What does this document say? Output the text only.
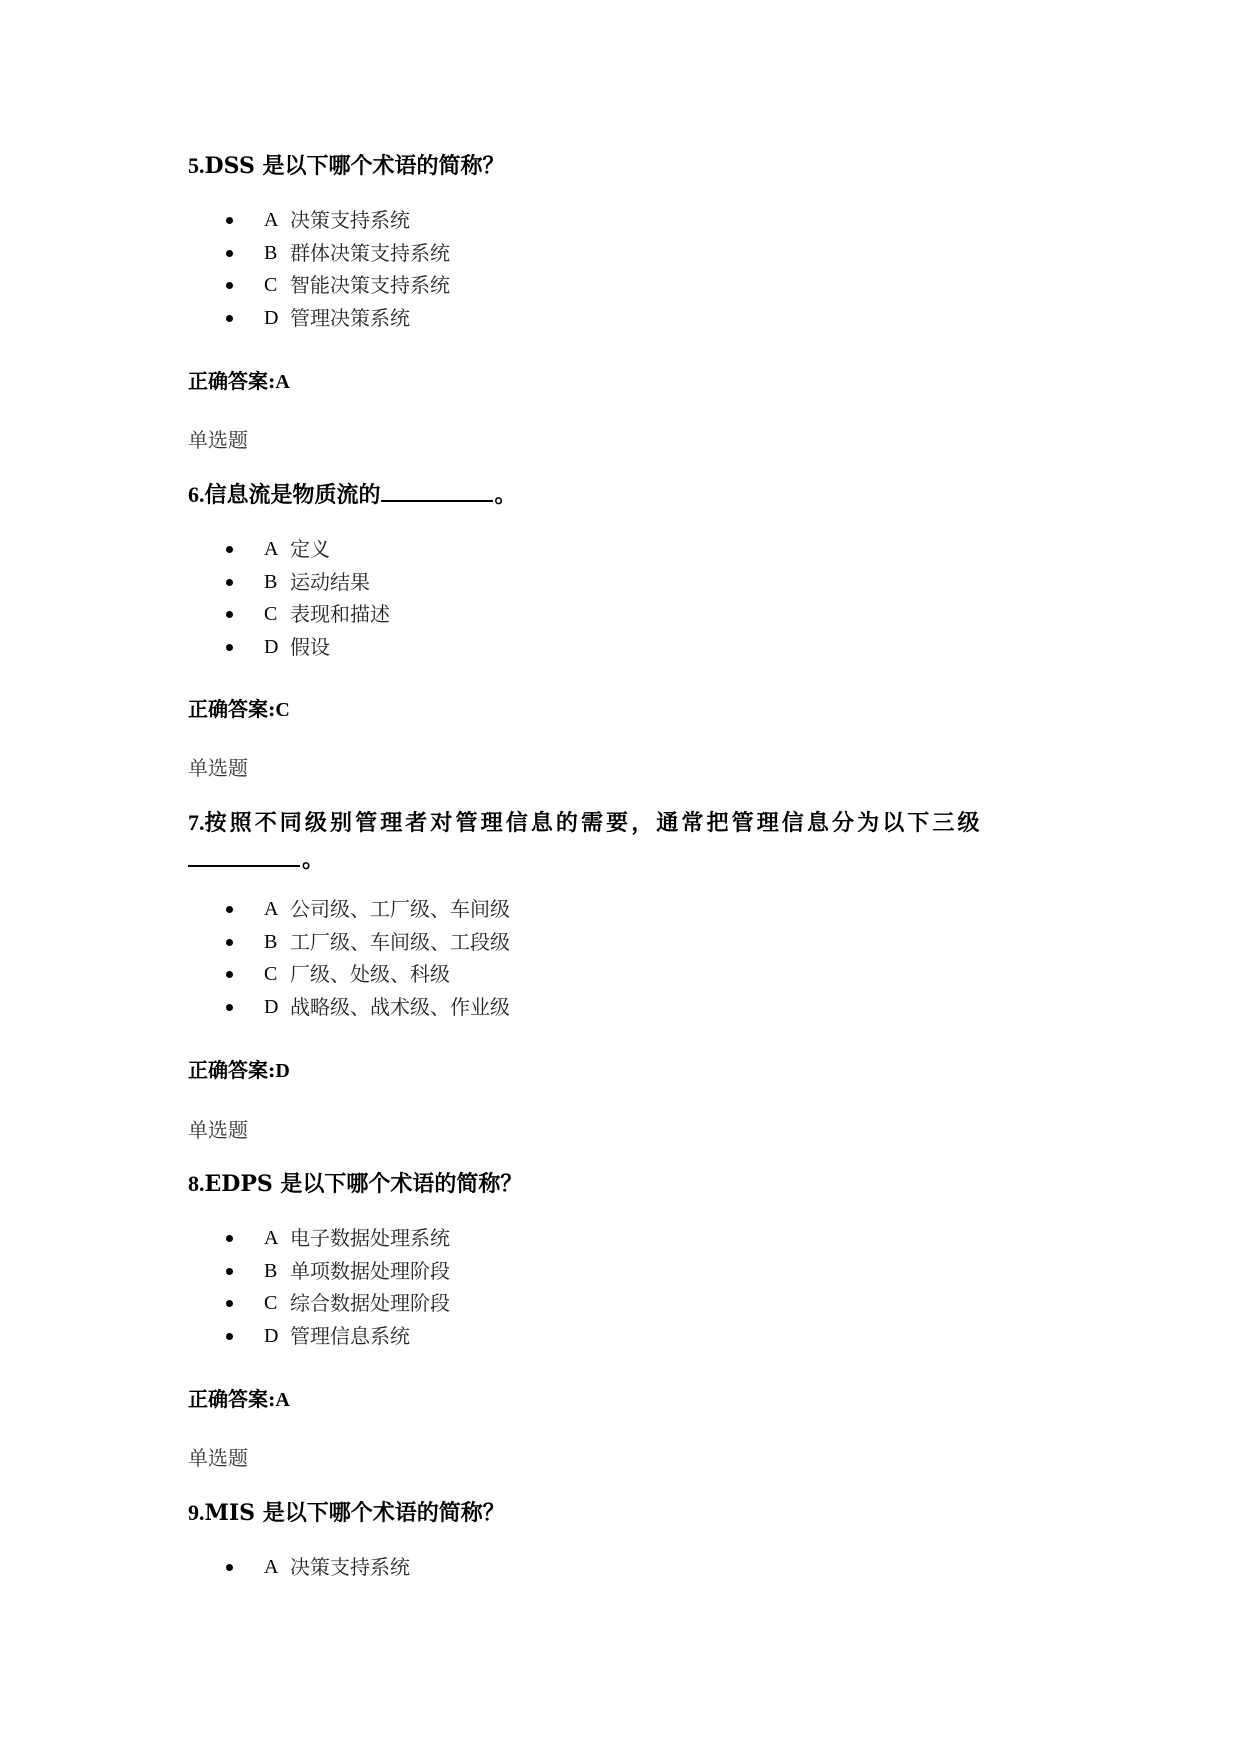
5.DSS 是以下哪个术语的简称？
A 决策支持系统
B 群体决策支持系统
C 智能决策支持系统
D 管理决策系统
正确答案:A
单选题
6.信息流是物质流的	。
A 定义
B 运动结果
C 表现和描述
D 假设
正确答案:C
单选题
7.按照不同级别管理者对管理信息的需要，通常把管理信息分为以下三级
。
A 公司级、工厂级、车间级
B 工厂级、车间级、工段级
C 厂级、处级、科级
D 战略级、战术级、作业级
正确答案:D
单选题
8.EDPS 是以下哪个术语的简称？
A 电子数据处理系统
B 单项数据处理阶段
C 综合数据处理阶段
D 管理信息系统
正确答案:A
单选题
9.MIS 是以下哪个术语的简称？
A 决策支持系统
